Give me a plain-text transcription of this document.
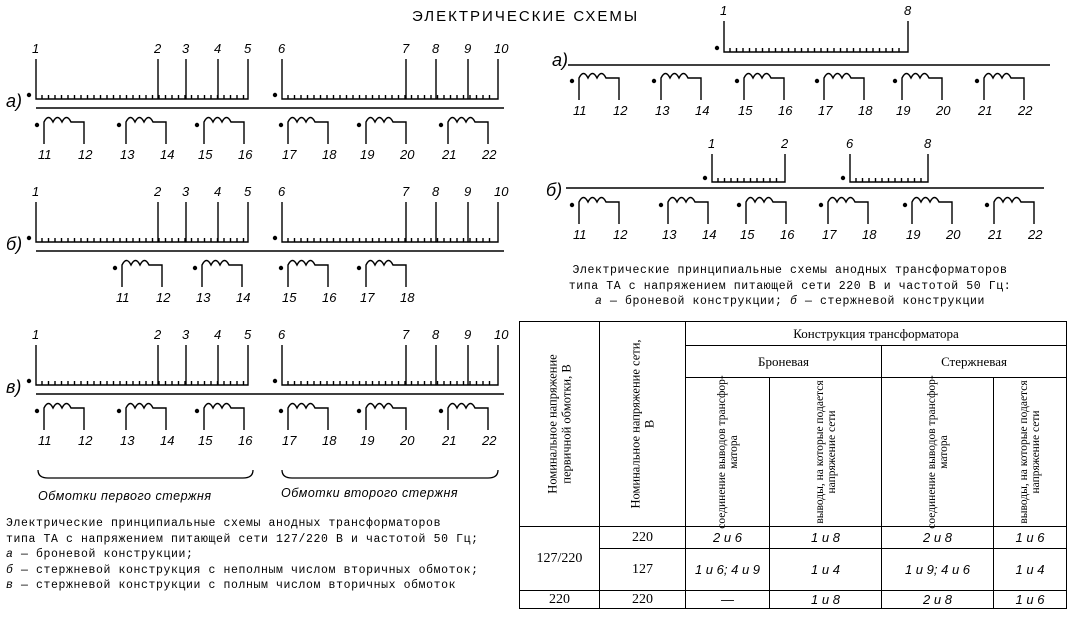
ЭЛЕКТРИЧЕСКИЕ СХЕМЫ
а)
1	2 3 4 5 6	7 8 9 10
11 12 13 14 15 16 17 18 19 20 21 22
б)
1	2 3 4 5 6	7 8 9 10
11 12 13 14 15 16 17 18
в)
1	2 3 4 5 6	7 8 9 10
11 12 13 14 15 16 17 18 19 20 21 22
а)
1	8
11 12 13 14 15 16 17 18 19 20 21 22
б)
1	2	6	8
11 12	13 14 15 16 17 18 19 20 21 22
Обмотки первого стержня	Обмотки второго стержня

Электрические принципиальные схемы анодных трансформаторов
типа ТА с напряжением питающей сети 127/220 В и частотой 50 Гц;
а — броневой конструкции;
б — стержневой конструкция с неполным числом вторичных обмоток;
в — стержневой конструкции с полным числом вторичных обмоток

Электрические принципиальные схемы анодных трансформаторов
типа ТА с напряжением питающей сети 220 В и частотой 50 Гц:
а — броневой конструкции; б — стержневой конструкции

Номинальное напряжение первичной обмотки, В	Номинальное напряжение сети, В	Конструкция трансформатора			
		Броневая		Стержневая	

		соединение выводов трансформатора	выводы, на которые подается напряжение сети	соединение выводов трансформатора	выводы, на которые подается напряжение сети

127/220	220	2 и 6	1 и 8	2 и 8	1 и 6
	127	1 и 6; 4 и 9	1 и 4	1 и 9; 4 и 6	1 и 4
220	220	—	1 и 8	2 и 8	1 и 6
